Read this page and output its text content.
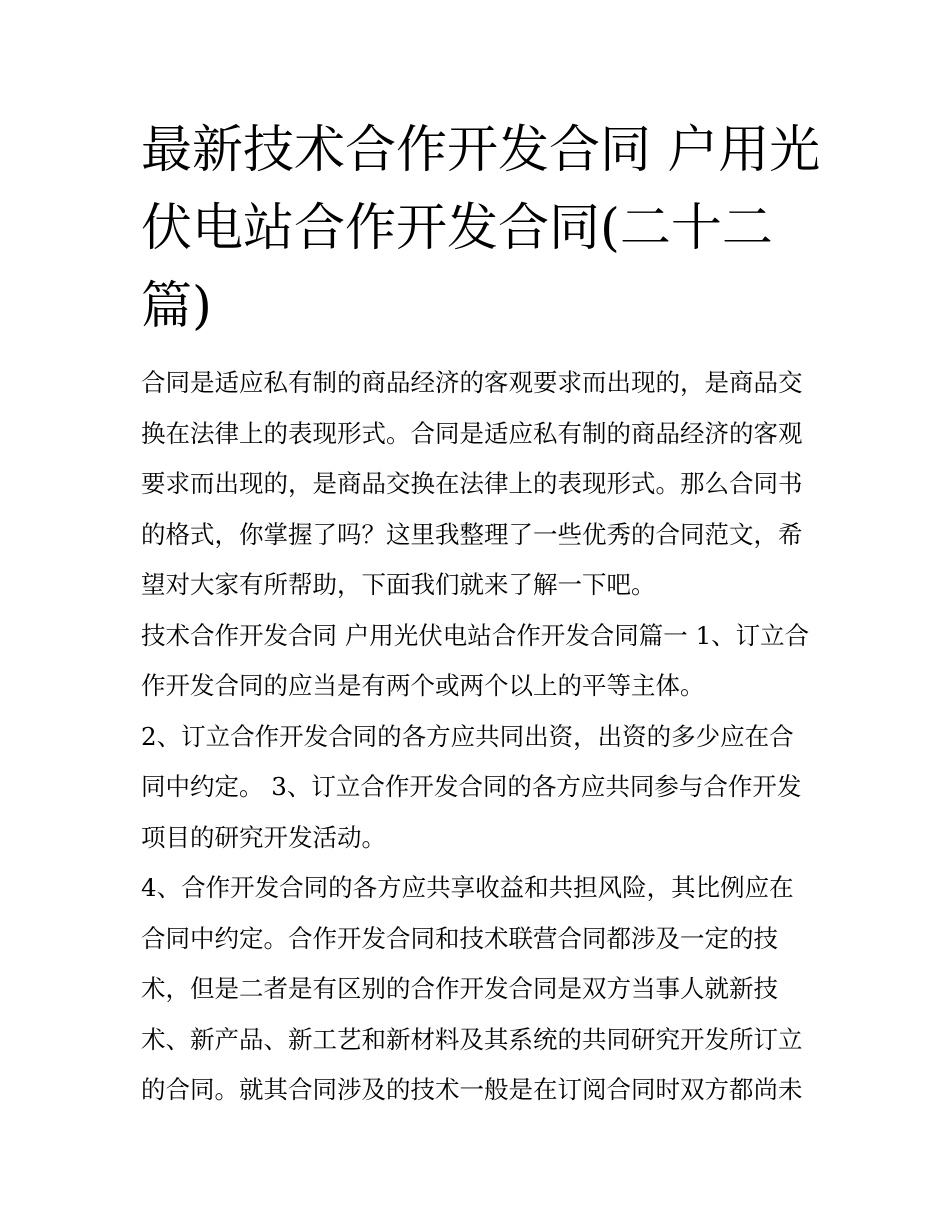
最新技术合作开发合同 户用光
伏电站合作开发合同(二十二
篇)
合同是适应私有制的商品经济的客观要求而出现的，是商品交
换在法律上的表现形式。合同是适应私有制的商品经济的客观
要求而出现的，是商品交换在法律上的表现形式。那么合同书
的格式，你掌握了吗？这里我整理了一些优秀的合同范文，希
望对大家有所帮助，下面我们就来了解一下吧。
技术合作开发合同 户用光伏电站合作开发合同篇一 1、订立合
作开发合同的应当是有两个或两个以上的平等主体。
2、订立合作开发合同的各方应共同出资，出资的多少应在合
同中约定。 3、订立合作开发合同的各方应共同参与合作开发
项目的研究开发活动。
4、合作开发合同的各方应共享收益和共担风险，其比例应在
合同中约定。合作开发合同和技术联营合同都涉及一定的技
术，但是二者是有区别的合作开发合同是双方当事人就新技
术、新产品、新工艺和新材料及其系统的共同研究开发所订立
的合同。就其合同涉及的技术一般是在订阅合同时双方都尚未
